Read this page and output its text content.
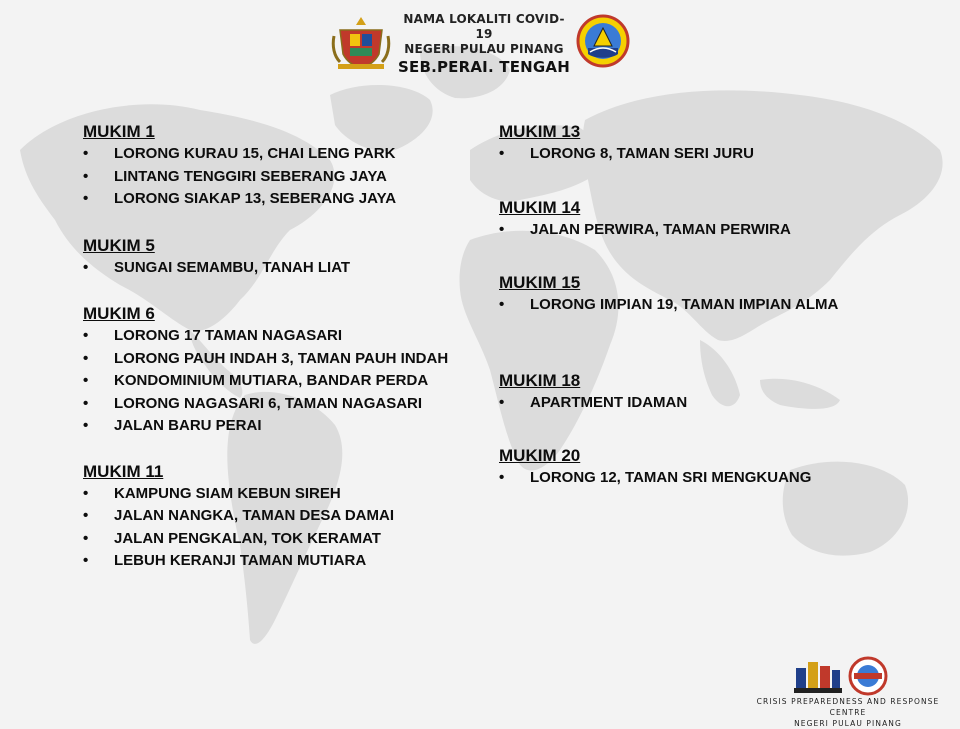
NAMA LOKALITI COVID-19
NEGERI PULAU PINANG
SEB.PERAI. TENGAH
MUKIM 1
• LORONG KURAU 15, CHAI LENG PARK
• LINTANG TENGGIRI SEBERANG JAYA
• LORONG SIAKAP 13, SEBERANG JAYA
MUKIM 5
• SUNGAI SEMAMBU, TANAH LIAT
MUKIM 6
• LORONG 17 TAMAN NAGASARI
• LORONG PAUH INDAH 3, TAMAN PAUH INDAH
• KONDOMINIUM MUTIARA, BANDAR PERDA
• LORONG NAGASARI 6, TAMAN NAGASARI
• JALAN BARU PERAI
MUKIM 11
• KAMPUNG SIAM KEBUN SIREH
• JALAN NANGKA, TAMAN DESA DAMAI
• JALAN PENGKALAN, TOK KERAMAT
• LEBUH KERANJI TAMAN MUTIARA
MUKIM 13
• LORONG 8, TAMAN SERI JURU
MUKIM 14
• JALAN PERWIRA, TAMAN PERWIRA
MUKIM 15
• LORONG IMPIAN 19, TAMAN IMPIAN ALMA
MUKIM 18
• APARTMENT IDAMAN
MUKIM 20
• LORONG 12, TAMAN SRI MENGKUANG
CRISIS PREPAREDNESS AND RESPONSE CENTRE
NEGERI PULAU PINANG
